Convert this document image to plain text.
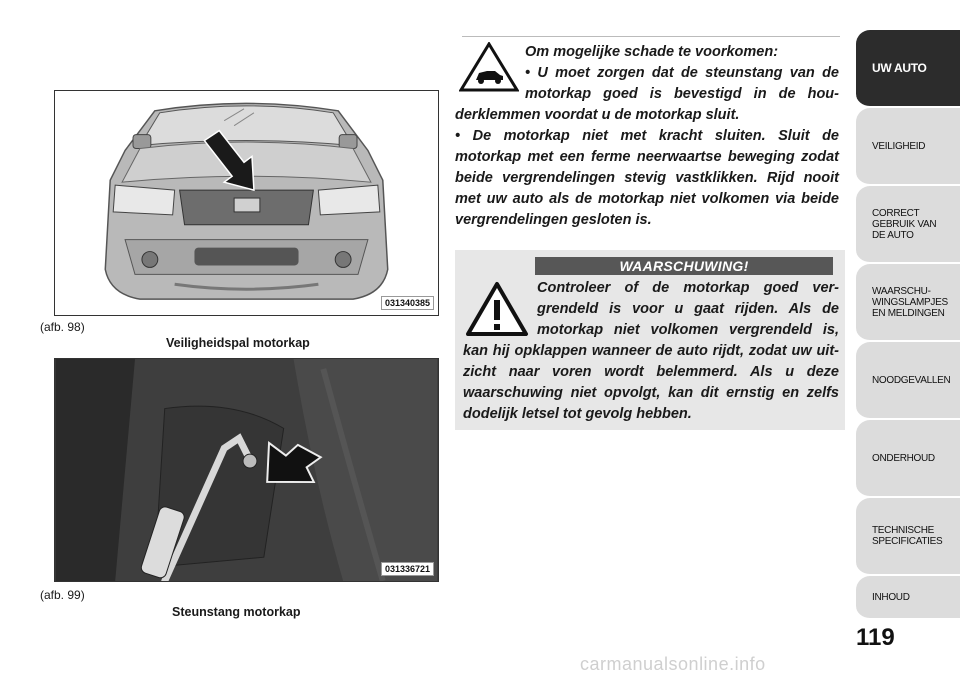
031340385
(afb. 98)
Veiligheidspal motorkap
031336721
(afb. 99)
Steunstang motorkap

Om mogelijke schade te voorkomen:

• U moet zorgen dat de steunstang van de motorkap goed is bevestigd in de hou-derklemmen voordat u de motorkap sluit.

• De motorkap niet met kracht sluiten. Sluit de motorkap met een ferme neerwaartse beweging zodat beide vergrendelingen stevig vastklikken. Rijd nooit met uw auto als de motorkap niet volkomen via beide vergrendelingen gesloten is.

WAARSCHUWING!

Controleer of de motorkap goed ver-grendeld is voor u gaat rijden. Als de motorkap niet volkomen vergrendeld is, kan hij opklappen wanneer de auto rijdt, zodat uw uit-zicht naar voren wordt belemmerd. Als u deze waarschuwing niet opvolgt, kan dit ernstig en zelfs dodelijk letsel tot gevolg hebben.

UW AUTO
VEILIGHEID
CORRECT
GEBRUIK VAN
DE AUTO
WAARSCHU-
WINGSLAMPJES
EN MELDINGEN
NOODGEVALLEN
ONDERHOUD
TECHNISCHE
SPECIFICATIES
INHOUD
119
carmanualsonline.info
